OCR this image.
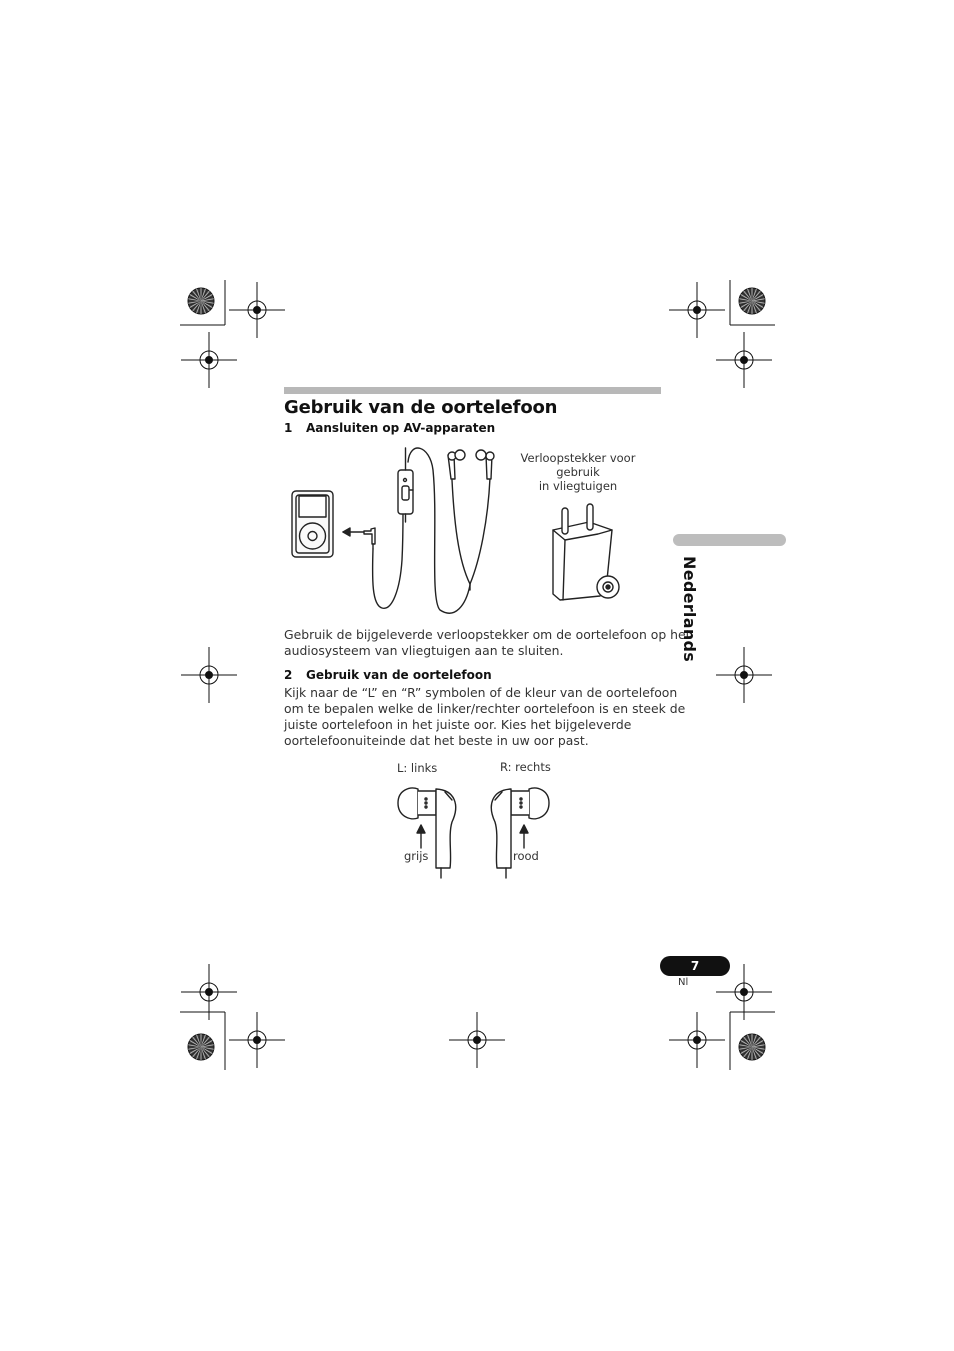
Gebruik van de oortelefoon
1 Aansluiten op AV-apparaten
Verloopstekker voor gebruik
in vliegtuigen
Gebruik de bijgeleverde verloopstekker om de oortelefoon op het
audiosysteem van vliegtuigen aan te sluiten.
2 Gebruik van de oortelefoon
Kijk naar de “L” en “R” symbolen of de kleur van de oortelefoon
om te bepalen welke de linker/rechter oortelefoon is en steek de
juiste oortelefoon in het juiste oor. Kies het bijgeleverde
oortelefoonuiteinde dat het beste in uw oor past.
L: links	R: rechts
grijs	rood
Nederlands
7
Nl
